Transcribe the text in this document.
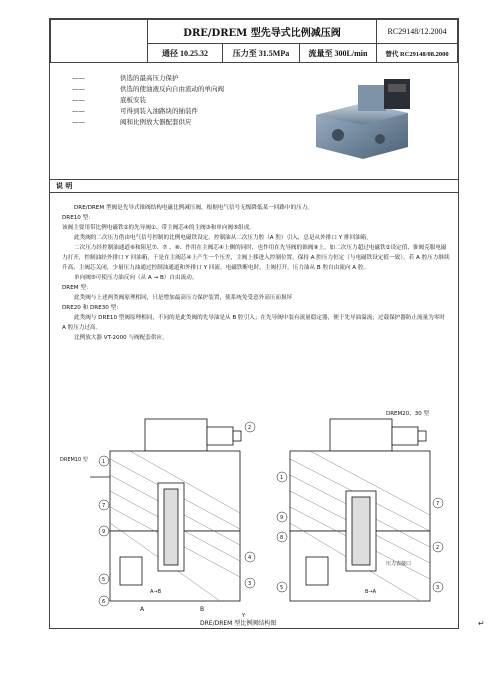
DRE/DREM 型先导式比例减压阀	RC29148/12.2004
通径 10.25.32	压力至 31.5MPa	流量至 300L/min	替代 RC29148/08.2000
——	供选的最高压力保护
——	供选的使油液反向自由流动的单向阀
——	底板安装
——	可得到装入油路块的插装件
——	阀和比例放大器配套供应
说 明

DRE/DREM 型阀是先导式锥阀结构电磁比例减压阀，根据电气信号无级降低某一回路中的压力。

DRE10 型：

该阀主要用带比例电磁铁②的先导阀①、带主阀芯④的主阀③和单向阀⑤组成。

此类阀的二次压力借由电气信号控制的比例电磁铁设定。控制油从二次压力腔（A 腔）引入，总是从外排口 Y 排回油箱。

二次压力经控制油通道⑥和阻尼⑦、⑦ 、⑧、作用在主阀芯④上侧的同时，也作用在先导阀的锥阀⑨上。如二次压力超过电磁铁②设定值，锥阀克服电磁力打开，控制油经外排口 Y 回油箱，于是在主阀芯④上产生一个压差，主阀上移进入控制位置，保持 A 腔压力恒定（与电磁铁设定值一致）。若 A 腔压力继续升高，主阀芯关闭，少量压力油通过控制油通道和外排口 Y 回流。电磁铁断电时，主阀打开，压力油从 B 腔自由流向 A 腔。

单向阀⑤可使压力油反向（从 A → B）自由流动。

DREM 型：

此类阀与上述两类阀原理相同，只是增加最高压力保护装置，使系统免受意外高压而损坏

DRE20 和 DRE30 型：

此类阀与 DRE10 型阀原理相同，不同的是此类阀的先导油是从 B 腔引入；在先导阀中装有流量稳定器，便于先导油溢流；过载保护器防止流量为零时 A 腔压力过高。

比例放大器 VT-2000 与阀配套供应。

1
7
9
5
6
2
4
3
1
9
8
5
7
2
3
DREM10 型
DREM20、30 型
A	B
A→B	B→A
压力表接口
Y
DRE/DREM 型比例阀结构图	↵
